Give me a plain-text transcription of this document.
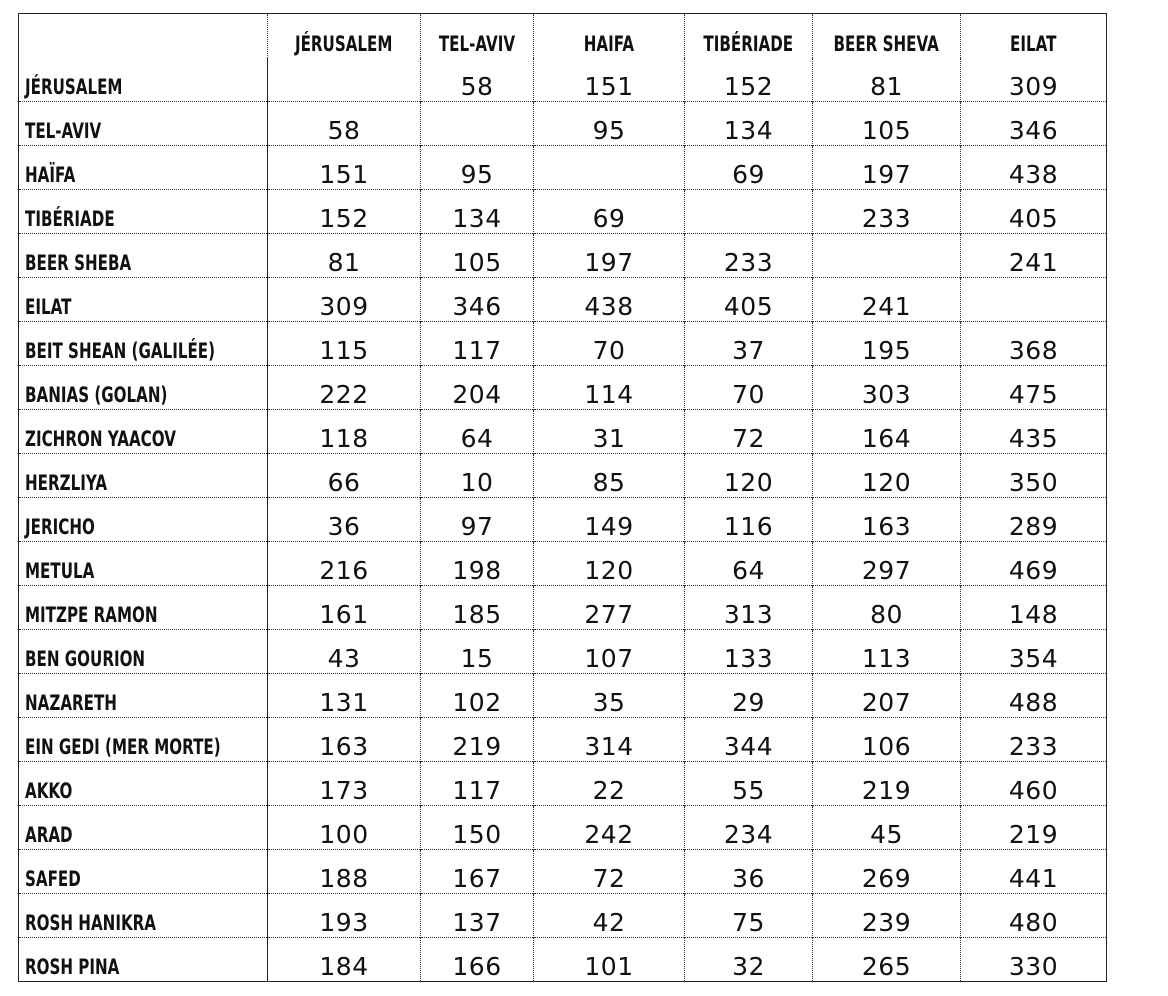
	JÉRUSALEM	TEL-AVIV	HAIFA	TIBÉRIADE	BEER SHEVA	EILAT
JÉRUSALEM		58	151	152	81	309
TEL-AVIV	58		95	134	105	346
HAÏFA	151	95		69	197	438
TIBÉRIADE	152	134	69		233	405
BEER SHEBA	81	105	197	233		241
EILAT	309	346	438	405	241	
BEIT SHEAN (GALILÉE)	115	117	70	37	195	368
BANIAS (GOLAN)	222	204	114	70	303	475
ZICHRON YAACOV	118	64	31	72	164	435
HERZLIYA	66	10	85	120	120	350
JERICHO	36	97	149	116	163	289
METULA	216	198	120	64	297	469
MITZPE RAMON	161	185	277	313	80	148
BEN GOURION	43	15	107	133	113	354
NAZARETH	131	102	35	29	207	488
EIN GEDI (MER MORTE)	163	219	314	344	106	233
AKKO	173	117	22	55	219	460
ARAD	100	150	242	234	45	219
SAFED	188	167	72	36	269	441
ROSH HANIKRA	193	137	42	75	239	480
ROSH PINA	184	166	101	32	265	330
